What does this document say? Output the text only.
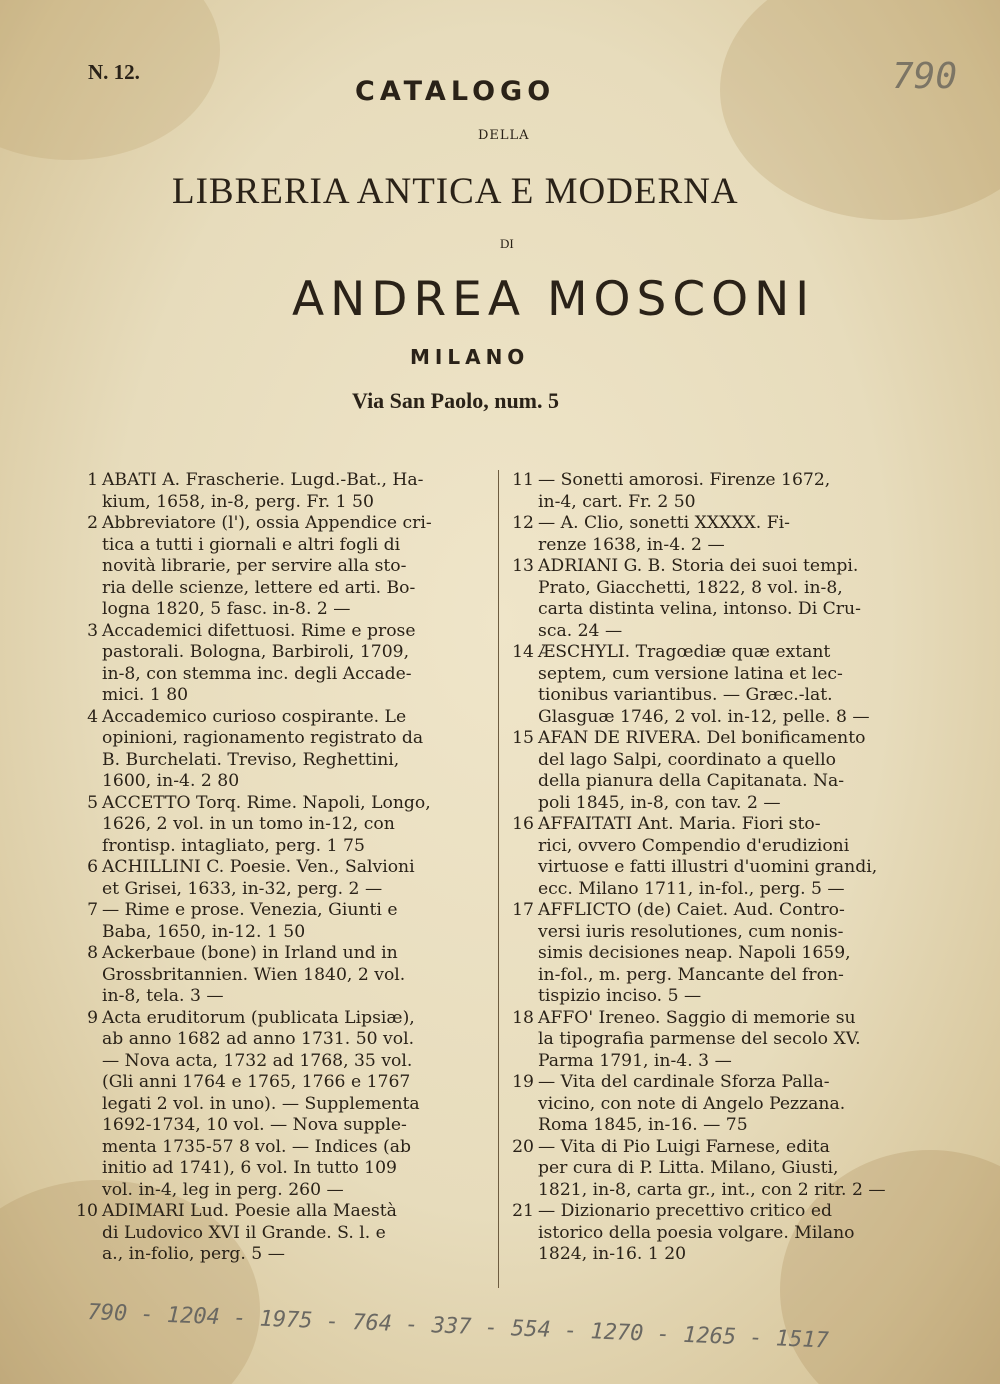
N. 12.
CATALOGO
DELLA
LIBRERIA ANTICA E MODERNA
DI
ANDREA MOSCONI
MILANO
Via San Paolo, num. 5
790
1 ABATI A. Frascherie. Lugd.-Bat., Ha-
kium, 1658, in-8, perg. Fr. 1 50
2 Abbreviatore (l'), ossia Appendice cri-
tica a tutti i giornali e altri fogli di
novità librarie, per servire alla sto-
ria delle scienze, lettere ed arti. Bo-
logna 1820, 5 fasc. in-8. 2 —
3 Accademici difettuosi. Rime e prose
pastorali. Bologna, Barbiroli, 1709,
in-8, con stemma inc. degli Accade-
mici. 1 80
4 Accademico curioso cospirante. Le
opinioni, ragionamento registrato da
B. Burchelati. Treviso, Reghettini,
1600, in-4. 2 80
5 ACCETTO Torq. Rime. Napoli, Longo,
1626, 2 vol. in un tomo in-12, con
frontisp. intagliato, perg. 1 75
6 ACHILLINI C. Poesie. Ven., Salvioni
et Grisei, 1633, in-32, perg. 2 —
7 — Rime e prose. Venezia, Giunti e
Baba, 1650, in-12. 1 50
8 Ackerbaue (bone) in Irland und in
Grossbritannien. Wien 1840, 2 vol.
in-8, tela. 3 —
9 Acta eruditorum (publicata Lipsiæ),
ab anno 1682 ad anno 1731. 50 vol.
— Nova acta, 1732 ad 1768, 35 vol.
(Gli anni 1764 e 1765, 1766 e 1767
legati 2 vol. in uno). — Supplementa
1692-1734, 10 vol. — Nova supple-
menta 1735-57 8 vol. — Indices (ab
initio ad 1741), 6 vol. In tutto 109
vol. in-4, leg in perg. 260 —
10 ADIMARI Lud. Poesie alla Maestà
di Ludovico XVI il Grande. S. l. e
a., in-folio, perg. 5 —
11 — Sonetti amorosi. Firenze 1672,
in-4, cart. Fr. 2 50
12 — A. Clio, sonetti XXXXX. Fi-
renze 1638, in-4. 2 —
13 ADRIANI G. B. Storia dei suoi tempi.
Prato, Giacchetti, 1822, 8 vol. in-8,
carta distinta velina, intonso. Di Cru-
sca. 24 —
14 ÆSCHYLI. Tragœdiæ quæ extant
septem, cum versione latina et lec-
tionibus variantibus. — Græc.-lat.
Glasguæ 1746, 2 vol. in-12, pelle. 8 —
15 AFAN DE RIVERA. Del bonificamento
del lago Salpi, coordinato a quello
della pianura della Capitanata. Na-
poli 1845, in-8, con tav. 2 —
16 AFFAITATI Ant. Maria. Fiori sto-
rici, ovvero Compendio d'erudizioni
virtuose e fatti illustri d'uomini grandi,
ecc. Milano 1711, in-fol., perg. 5 —
17 AFFLICTO (de) Caiet. Aud. Contro-
versi iuris resolutiones, cum nonis-
simis decisiones neap. Napoli 1659,
in-fol., m. perg. Mancante del fron-
tispizio inciso. 5 —
18 AFFO' Ireneo. Saggio di memorie su
la tipografia parmense del secolo XV.
Parma 1791, in-4. 3 —
19 — Vita del cardinale Sforza Palla-
vicino, con note di Angelo Pezzana.
Roma 1845, in-16. — 75
20 — Vita di Pio Luigi Farnese, edita
per cura di P. Litta. Milano, Giusti,
1821, in-8, carta gr., int., con 2 ritr. 2 —
21 — Dizionario precettivo critico ed
istorico della poesia volgare. Milano
1824, in-16. 1 20
790 - 1204 - 1975 - 764 - 337 - 554 - 1270 - 1265 - 1517
